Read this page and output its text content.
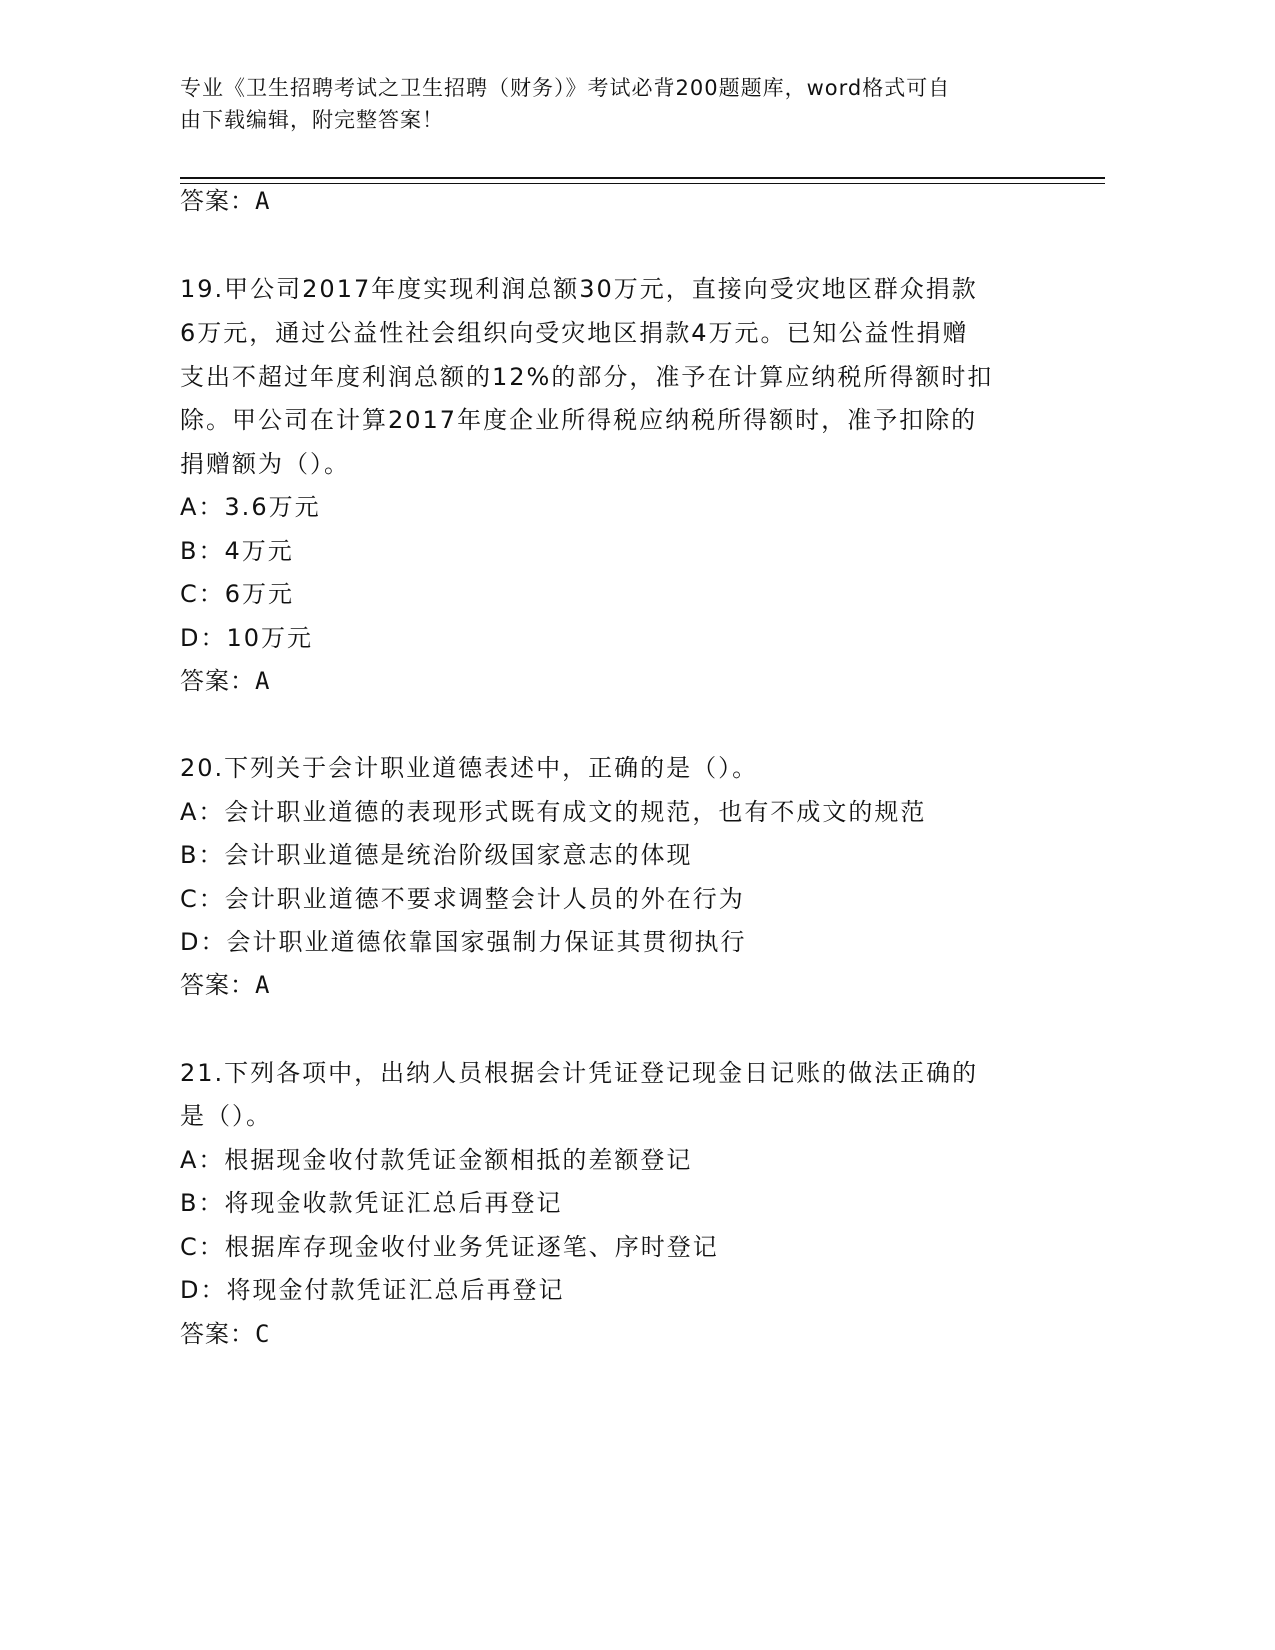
专业《卫生招聘考试之卫生招聘（财务）》考试必背200题题库，word格式可自
由下载编辑，附完整答案！
答案：A
19.甲公司2017年度实现利润总额30万元，直接向受灾地区群众捐款
6万元，通过公益性社会组织向受灾地区捐款4万元。已知公益性捐赠
支出不超过年度利润总额的12%的部分，准予在计算应纳税所得额时扣
除。甲公司在计算2017年度企业所得税应纳税所得额时，准予扣除的
捐赠额为（）。
A：3.6万元
B：4万元
C：6万元
D：10万元
答案：A
20.下列关于会计职业道德表述中，正确的是（）。
A：会计职业道德的表现形式既有成文的规范，也有不成文的规范
B：会计职业道德是统治阶级国家意志的体现
C：会计职业道德不要求调整会计人员的外在行为
D：会计职业道德依靠国家强制力保证其贯彻执行
答案：A
21.下列各项中，出纳人员根据会计凭证登记现金日记账的做法正确的
是（）。
A：根据现金收付款凭证金额相抵的差额登记
B：将现金收款凭证汇总后再登记
C：根据库存现金收付业务凭证逐笔、序时登记
D：将现金付款凭证汇总后再登记
答案：C
